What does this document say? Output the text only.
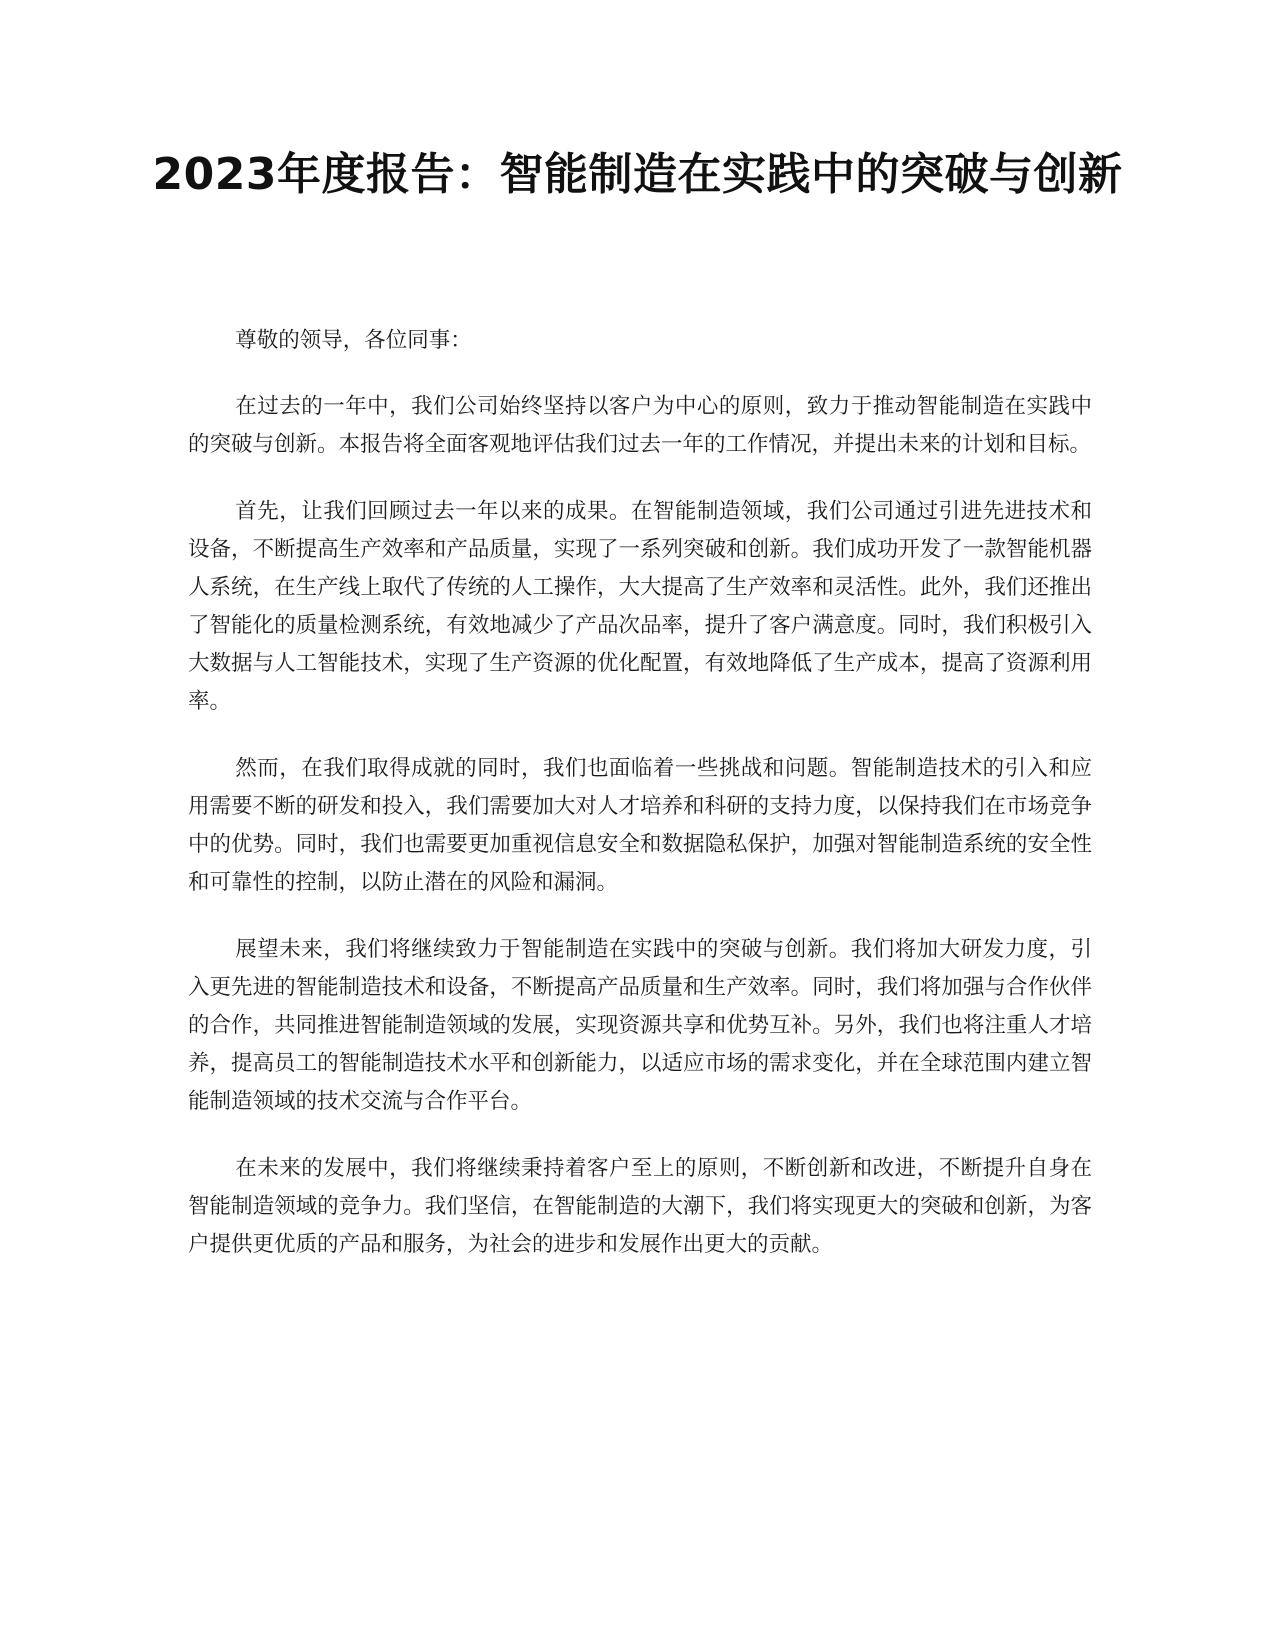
2023年度报告：智能制造在实践中的突破与创新

尊敬的领导，各位同事：

在过去的一年中，我们公司始终坚持以客户为中心的原则，致力于推动智能制造在实践中的突破与创新。本报告将全面客观地评估我们过去一年的工作情况，并提出未来的计划和目标。

首先，让我们回顾过去一年以来的成果。在智能制造领域，我们公司通过引进先进技术和设备，不断提高生产效率和产品质量，实现了一系列突破和创新。我们成功开发了一款智能机器人系统，在生产线上取代了传统的人工操作，大大提高了生产效率和灵活性。此外，我们还推出了智能化的质量检测系统，有效地减少了产品次品率，提升了客户满意度。同时，我们积极引入大数据与人工智能技术，实现了生产资源的优化配置，有效地降低了生产成本，提高了资源利用率。

然而，在我们取得成就的同时，我们也面临着一些挑战和问题。智能制造技术的引入和应用需要不断的研发和投入，我们需要加大对人才培养和科研的支持力度，以保持我们在市场竞争中的优势。同时，我们也需要更加重视信息安全和数据隐私保护，加强对智能制造系统的安全性和可靠性的控制，以防止潜在的风险和漏洞。

展望未来，我们将继续致力于智能制造在实践中的突破与创新。我们将加大研发力度，引入更先进的智能制造技术和设备，不断提高产品质量和生产效率。同时，我们将加强与合作伙伴的合作，共同推进智能制造领域的发展，实现资源共享和优势互补。另外，我们也将注重人才培养，提高员工的智能制造技术水平和创新能力，以适应市场的需求变化，并在全球范围内建立智能制造领域的技术交流与合作平台。

在未来的发展中，我们将继续秉持着客户至上的原则，不断创新和改进，不断提升自身在智能制造领域的竞争力。我们坚信，在智能制造的大潮下，我们将实现更大的突破和创新，为客户提供更优质的产品和服务，为社会的进步和发展作出更大的贡献。
